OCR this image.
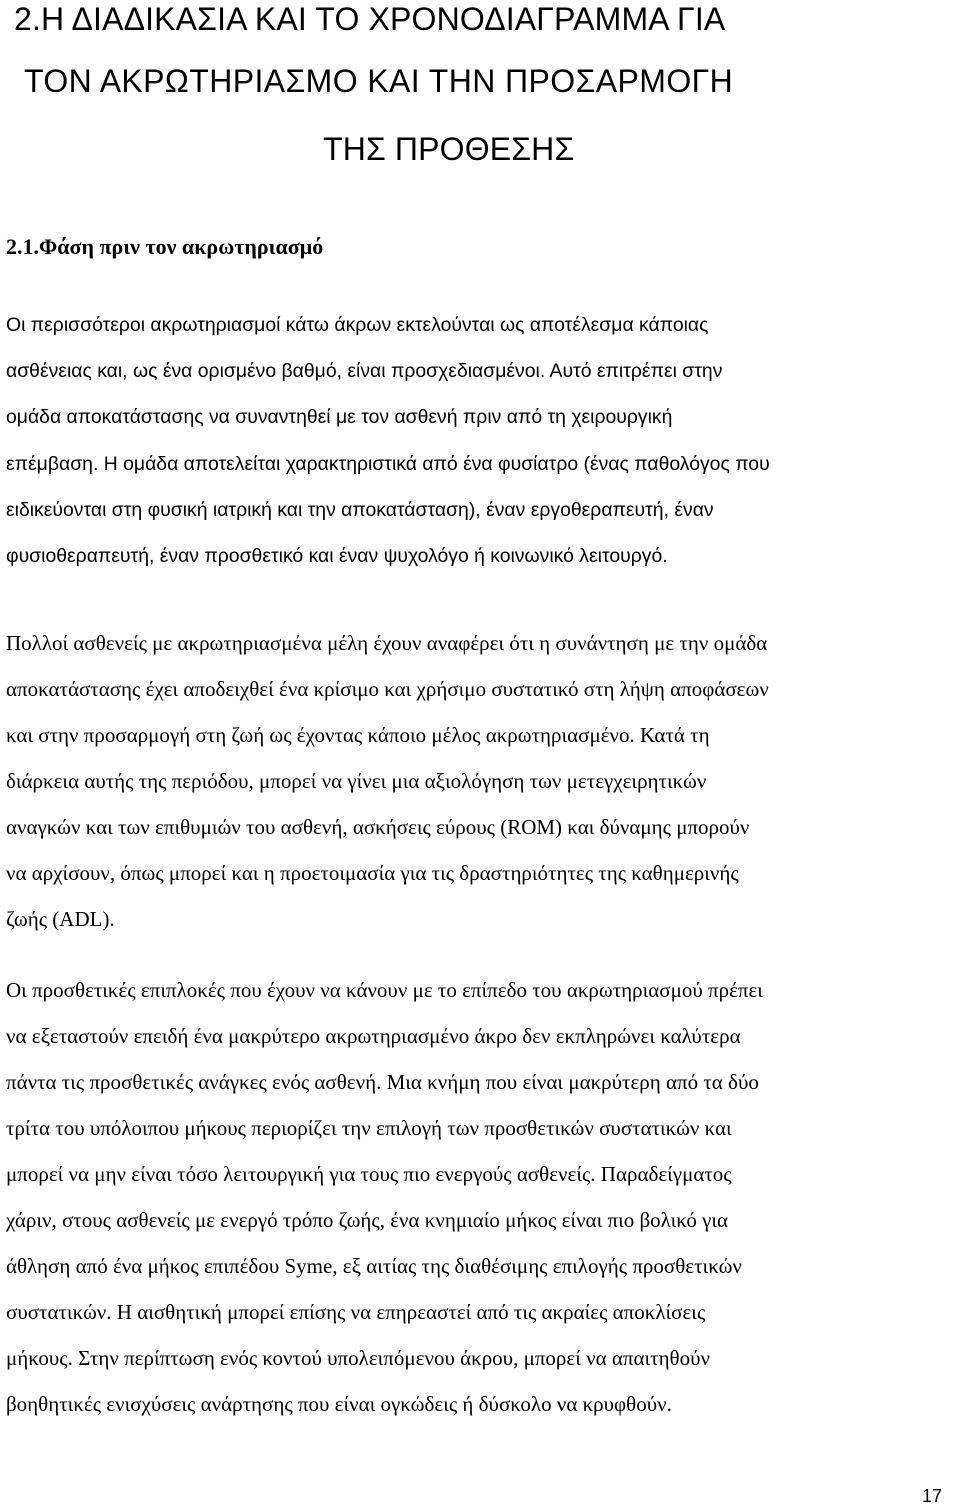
2.Η ΔΙΑΔΙΚΑΣΙΑ ΚΑΙ ΤΟ ΧΡΟΝΟΔΙΑΓΡΑΜΜΑ ΓΙΑ
ΤΟΝ ΑΚΡΩΤΗΡΙΑΣΜΟ ΚΑΙ ΤΗΝ ΠΡΟΣΑΡΜΟΓΗ
ΤΗΣ ΠΡΟΘΕΣΗΣ
2.1.Φάση πριν τον ακρωτηριασμό
Οι περισσότεροι ακρωτηριασμοί κάτω άκρων εκτελούνται ως αποτέλεσμα κάποιας
ασθένειας και, ως ένα ορισμένο βαθμό, είναι προσχεδιασμένοι. Αυτό επιτρέπει στην
ομάδα αποκατάστασης να συναντηθεί με τον ασθενή πριν από τη χειρουργική
επέμβαση. Η ομάδα αποτελείται χαρακτηριστικά από ένα φυσίατρο (ένας παθολόγος που
ειδικεύονται στη φυσική ιατρική και την αποκατάσταση), έναν εργοθεραπευτή, έναν
φυσιοθεραπευτή, έναν προσθετικό και έναν ψυχολόγο ή κοινωνικό λειτουργό.
Πολλοί ασθενείς με ακρωτηριασμένα μέλη έχουν αναφέρει ότι η συνάντηση με την ομάδα
αποκατάστασης έχει αποδειχθεί ένα κρίσιμο και χρήσιμο συστατικό στη λήψη αποφάσεων
και στην προσαρμογή στη ζωή ως έχοντας κάποιο μέλος ακρωτηριασμένο. Κατά τη
διάρκεια αυτής της περιόδου, μπορεί να γίνει μια αξιολόγηση των μετεγχειρητικών
αναγκών και των επιθυμιών του ασθενή, ασκήσεις εύρους (ROM) και δύναμης μπορούν
να αρχίσουν, όπως μπορεί και η προετοιμασία για τις δραστηριότητες της καθημερινής
ζωής (ADL).
Οι προσθετικές επιπλοκές που έχουν να κάνουν με το επίπεδο του ακρωτηριασμού πρέπει
να εξεταστούν επειδή ένα μακρύτερο ακρωτηριασμένο άκρο δεν εκπληρώνει καλύτερα
πάντα τις προσθετικές ανάγκες ενός ασθενή. Μια κνήμη που είναι μακρύτερη από τα δύο
τρίτα του υπόλοιπου μήκους περιορίζει την επιλογή των προσθετικών συστατικών και
μπορεί να μην είναι τόσο λειτουργική για τους πιο ενεργούς ασθενείς. Παραδείγματος
χάριν, στους ασθενείς με ενεργό τρόπο ζωής, ένα κνημιαίο μήκος είναι πιο βολικό για
άθληση από ένα μήκος επιπέδου Syme, εξ αιτίας της διαθέσιμης επιλογής προσθετικών
συστατικών. Η αισθητική μπορεί επίσης να επηρεαστεί από τις ακραίες αποκλίσεις
μήκους. Στην περίπτωση ενός κοντού υπολειπόμενου άκρου, μπορεί να απαιτηθούν
βοηθητικές ενισχύσεις ανάρτησης που είναι ογκώδεις ή δύσκολο να κρυφθούν.
17
